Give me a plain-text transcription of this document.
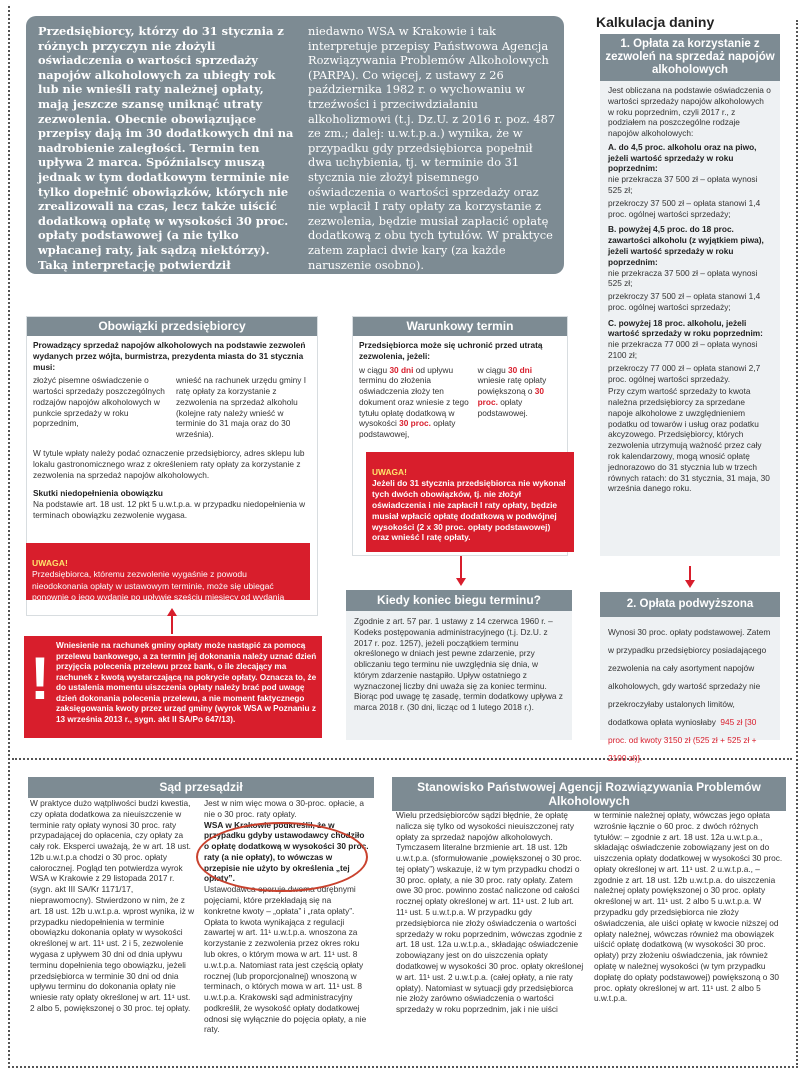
Przedsiębiorcy, którzy do 31 stycznia z różnych przyczyn nie złożyli oświadczenia o wartości sprzedaży napojów alkoholowych za ubiegły rok lub nie wnieśli raty należnej opłaty, mają jeszcze szansę uniknąć utraty zezwolenia. Obecnie obowiązujące przepisy dają im 30 dodatkowych dni na nadrobienie zaległości. Termin ten upływa 2 marca. Spóźnialscy muszą jednak w tym dodatkowym terminie nie tylko dopełnić obowiązków, których nie zrealizowali na czas, lecz także uiścić dodatkową opłatę w wysokości 30 proc. opłaty podstawowej (a nie tylko wpłacanej raty, jak sądzą niektórzy). Taką interpretację potwierdził
niedawno WSA w Krakowie i tak interpretuje przepisy Państwowa Agencja Rozwiązywania Problemów Alkoholowych (PARPA). Co więcej, z ustawy z 26 października 1982 r. o wychowaniu w trzeźwości i przeciwdziałaniu alkoholizmowi (t.j. Dz.U. z 2016 r. poz. 487 ze zm.; dalej: u.w.t.p.a.) wynika, że w przypadku gdy przedsiębiorca popełnił dwa uchybienia, tj. w terminie do 31 stycznia nie złożył pisemnego oświadczenia o wartości sprzedaży oraz nie wpłacił I raty opłaty za korzystanie z zezwolenia, będzie musiał zapłacić opłatę dodatkową z obu tych tytułów. W praktyce zatem zapłaci dwie kary (za każde naruszenie osobno).
Kalkulacja daniny
1. Opłata za korzystanie z zezwoleń na sprzedaż napojów alkoholowych
Jest obliczana na podstawie oświadczenia o wartości sprzedaży napojów alkoholowych w roku poprzednim, czyli 2017 r., z podziałem na poszczególne rodzaje napojów alkoholowych:
A. do 4,5 proc. alkoholu oraz na piwo, jeżeli wartość sprzedaży w roku poprzednim:
nie przekracza 37 500 zł – opłata wynosi 525 zł;
przekroczy 37 500 zł – opłata stanowi 1,4 proc. ogólnej wartości sprzedaży;
B. powyżej 4,5 proc. do 18 proc. zawartości alkoholu (z wyjątkiem piwa), jeżeli wartość sprzedaży w roku poprzednim:
nie przekracza 37 500 zł – opłata wynosi 525 zł;
przekroczy 37 500 zł – opłata stanowi 1,4 proc. ogólnej wartości sprzedaży;
C. powyżej 18 proc. alkoholu, jeżeli wartość sprzedaży w roku poprzednim:
nie przekracza 77 000 zł – opłata wynosi 2100 zł;
przekroczy 77 000 zł – opłata stanowi 2,7 proc. ogólnej wartości sprzedaży.
Przy czym wartość sprzedaży to kwota należna przedsiębiorcy za sprzedane napoje alkoholowe z uwzględnieniem podatku od towarów i usług oraz podatku akcyzowego. Przedsiębiorcy, których zezwolenia utrzymują ważność przez cały rok kalendarzowy, mogą wnosić opłatę jednorazowo do 31 stycznia lub w trzech równych ratach: do 31 stycznia, 31 maja, 30 września danego roku.
2. Opłata podwyższona
Wynosi 30 proc. opłaty podstawowej. Zatem w przypadku przedsiębiorcy posiadającego zezwolenia na cały asortyment napojów alkoholowych, gdy wartość sprzedaży nie przekroczyłaby ustalonych limitów, dodatkowa opłata wyniosłaby 945 zł [30 proc. od kwoty 3150 zł (525 zł + 525 zł + 2100 zł)].
Obowiązki przedsiębiorcy
Prowadzący sprzedaż napojów alkoholowych na podstawie zezwoleń wydanych przez wójta, burmistrza, prezydenta miasta do 31 stycznia musi:
złożyć pisemne oświadczenie o wartości sprzedaży poszczególnych rodzajów napojów alkoholowych w punkcie sprzedaży w roku poprzednim,
wnieść na rachunek urzędu gminy I ratę opłaty za korzystanie z zezwolenia na sprzedaż alkoholu (kolejne raty należy wnieść w terminie do 31 maja oraz do 30 września).
W tytule wpłaty należy podać oznaczenie przedsiębiorcy, adres sklepu lub lokalu gastronomicznego wraz z określeniem raty opłaty za korzystanie z zezwolenia na sprzedaż napojów alkoholowych.
Skutki niedopełnienia obowiązku
Na podstawie art. 18 ust. 12 pkt 5 u.w.t.p.a. w przypadku niedopełnienia w terminach obowiązku zezwolenie wygasa.

UWAGA!
Przedsiębiorca, któremu zezwolenie wygaśnie z powodu nieodokonania opłaty w ustawowym terminie, może się ubiegać ponownie o jego wydanie po upływie sześciu miesięcy od wydania decyzji stwierdzającej wygaśnięcie zezwolenia.

! Wniesienie na rachunek gminy opłaty może nastąpić za pomocą przelewu bankowego, a za termin jej dokonania należy uznać dzień przyjęcia polecenia przelewu przez bank, o ile zlecający ma rachunek z kwotą wystarczającą na pokrycie opłaty. Oznacza to, że do ustalenia momentu uiszczenia opłaty należy brać pod uwagę dzień dokonania polecenia przelewu, a nie moment faktycznego zaksięgowania kwoty przez urząd gminy (wyrok WSA w Poznaniu z 13 września 2013 r., sygn. akt II SA/Po 647/13).
Warunkowy termin
Przedsiębiorca może się uchronić przed utratą zezwolenia, jeżeli:
w ciągu 30 dni od upływu terminu do złożenia oświadczenia złoży ten dokument oraz wniesie z tego tytułu opłatę dodatkową w wysokości 30 proc. opłaty podstawowej,
w ciągu 30 dni wniesie ratę opłaty powiększoną o 30 proc. opłaty podstawowej.

UWAGA!
Jeżeli do 31 stycznia przedsiębiorca nie wykonał tych dwóch obowiązków, tj. nie złożył oświadczenia i nie zapłacił I raty opłaty, będzie musiał wpłacić opłatę dodatkową w podwójnej wysokości (2 x 30 proc. opłaty podstawowej) oraz wnieść I ratę opłaty.

Kiedy koniec biegu terminu?
Zgodnie z art. 57 par. 1 ustawy z 14 czerwca 1960 r. – Kodeks postępowania administracyjnego (t.j. Dz.U. z 2017 r. poz. 1257), jeżeli początkiem terminu określonego w dniach jest pewne zdarzenie, przy obliczaniu tego terminu nie uwzględnia się dnia, w którym zdarzenie nastąpiło. Upływ ostatniego z wyznaczonej liczby dni uważa się za koniec terminu. Biorąc pod uwagę tę zasadę, termin dodatkowy upływa z marca 2018 r. (30 dni, licząc od 1 lutego 2018 r.).
Sąd przesądził
W praktyce dużo wątpliwości budzi kwestia, czy opłata dodatkowa za nieuiszczenie w terminie raty opłaty wynosi 30 proc. raty przypadającej do opłacenia, czy opłaty za cały rok. Eksperci uważają, że w art. 18 ust. 12b u.w.t.p.a chodzi o 30 proc. opłaty całorocznej. Pogląd ten potwierdza wyrok WSA w Krakowie z 29 listopada 2017 r. (sygn. akt III SA/Kr 1171/17, nieprawomocny). Stwierdzono w nim, że z art. 18 ust. 12b u.w.t.p.a. wprost wynika, iż w przypadku niedopełnienia w terminie obowiązku dokonania opłaty w wysokości określonej w art. 11¹ ust. 2 i 5, zezwolenie wygasa z upływem 30 dni od dnia upływu terminu dopełnienia tego obowiązku, jeżeli przedsiębiorca w terminie 30 dni od dnia upływu terminu do dokonania opłaty nie wniesie raty opłaty określonej w art. 11¹ ust. 2 albo 5, powiększonej o 30 proc. tej opłaty.
Jest w nim więc mowa o 30-proc. opłacie, a nie o 30 proc. raty opłaty.
WSA w Krakowie podkreślił, że w przypadku gdyby ustawodawcy chodziło o opłatę dodatkową w wysokości 30 proc. raty (a nie opłaty), to wówczas w przepisie nie użyto by określenia „tej opłaty”.
Ustawodawca operuje dwoma odrębnymi pojęciami, które przekładają się na konkretne kwoty – „opłata” i „rata opłaty”. Opłata to kwota wynikająca z regulacji zawartej w art. 11¹ u.w.t.p.a. wnoszona za korzystanie z zezwolenia przez okres roku lub okres, o którym mowa w art. 11¹ ust. 8 u.w.t.p.a. Natomiast rata jest częścią opłaty rocznej (lub proporcjonalnej) wnoszoną w terminach, o których mowa w art. 11¹ ust. 8 u.w.t.p.a. Krakowski sąd administracyjny podkreślił, że wysokość opłaty dodatkowej odnosi się wyłącznie do pojęcia opłaty, a nie raty.
Stanowisko Państwowej Agencji Rozwiązywania Problemów Alkoholowych
Wielu przedsiębiorców sądzi błędnie, że opłatę nalicza się tylko od wysokości nieuiszczonej raty opłaty za sprzedaż napojów alkoholowych. Tymczasem literalne brzmienie art. 18 ust. 12b u.w.t.p.a. (sformułowanie „powiększonej o 30 proc. tej opłaty”) wskazuje, iż w tym przypadku chodzi o 30 proc. opłaty, a nie 30 proc. raty opłaty. Zatem owe 30 proc. powinno zostać naliczone od całości rocznej opłaty określonej w art. 11¹ ust. 2 lub art. 11¹ ust. 5 u.w.t.p.a. W przypadku gdy przedsiębiorca nie złoży oświadczenia o wartości sprzedaży w roku poprzednim, wówczas zgodnie z art. 18 ust. 12a u.w.t.p.a., składając oświadczenie zobowiązany jest on do uiszczenia opłaty dodatkowej w wysokości 30 proc. opłaty określonej w art. 11¹ ust. 2 u.w.t.p.a. (całej opłaty, a nie raty opłaty). Natomiast w sytuacji gdy przedsiębiorca nie złoży zarówno oświadczenia o wartości sprzedaży w roku poprzednim, jak i nie uiści
w terminie należnej opłaty, wówczas jego opłata wzrośnie łącznie o 60 proc. z dwóch różnych tytułów: – zgodnie z art. 18 ust. 12a u.w.t.p.a., składając oświadczenie zobowiązany jest on do uiszczenia opłaty dodatkowej w wysokości 30 proc. opłaty określonej w art. 11¹ ust. 2 u.w.t.p.a., – zgodnie z art. 18 ust. 12b u.w.t.p.a. do uiszczenia należnej opłaty powiększonej o 30 proc. opłaty określonej w art. 11¹ ust. 2 albo 5 u.w.t.p.a. W przypadku gdy przedsiębiorca nie złoży oświadczenia, ale uiści opłatę w kwocie niższej od opłaty należnej, wówczas również ma obowiązek uiścić opłatę dodatkową (w wysokości 30 proc. opłaty) przy złożeniu oświadczenia, jak również opłatę w należnej wysokości (w tym przypadku dopłatę do opłaty podstawowej) powiększoną o 30 proc. opłaty określonej w art. 11¹ ust. 2 albo 5 u.w.t.p.a.
